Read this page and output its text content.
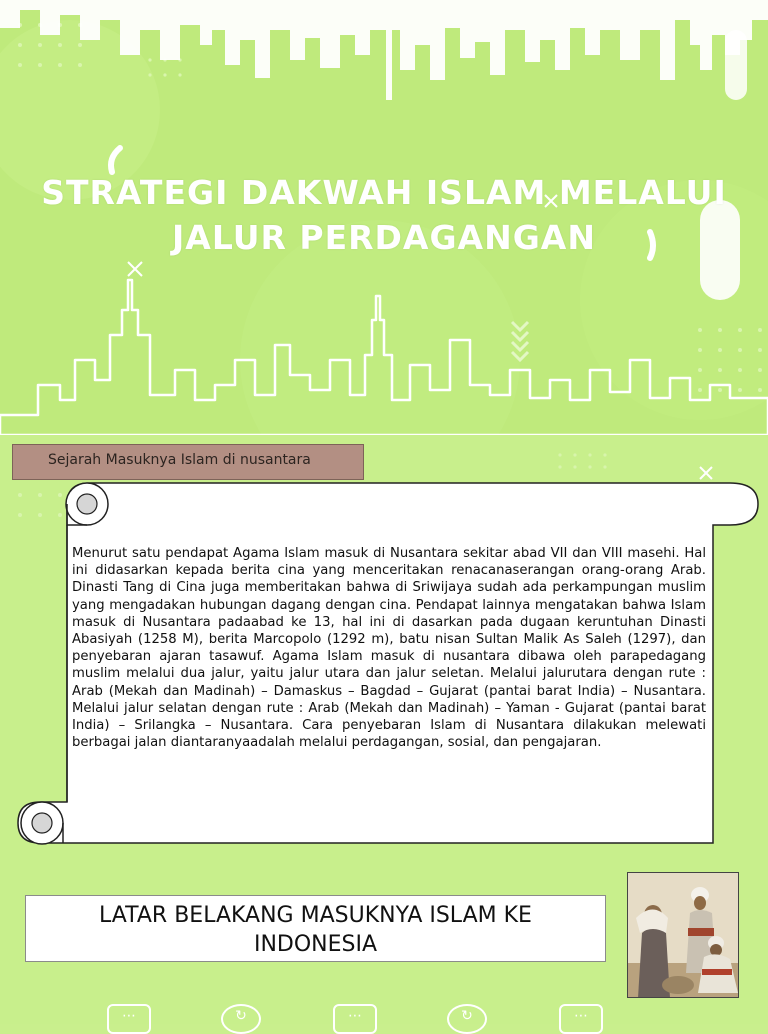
STRATEGI DAKWAH ISLAM MELALUI
JALUR PERDAGANGAN
Sejarah Masuknya Islam di nusantara
Menurut satu pendapat Agama Islam masuk di Nusantara sekitar abad VII dan VIII masehi. Hal ini didasarkan kepada berita cina yang menceritakan renacanaserangan orang-orang Arab. Dinasti Tang di Cina juga memberitakan bahwa di Sriwijaya sudah ada perkampungan muslim yang mengadakan hubungan dagang dengan cina. Pendapat lainnya mengatakan bahwa Islam masuk di Nusantara padaabad ke 13, hal ini di dasarkan pada dugaan keruntuhan Dinasti Abasiyah (1258 M), berita Marcopolo (1292 m), batu nisan Sultan Malik As Saleh (1297), dan penyebaran ajaran tasawuf. Agama Islam masuk di nusantara dibawa oleh parapedagang muslim melalui dua jalur, yaitu jalur utara dan jalur seletan. Melalui jalurutara dengan rute : Arab (Mekah dan Madinah) – Damaskus – Bagdad – Gujarat (pantai barat India) – Nusantara. Melalui jalur selatan dengan rute : Arab (Mekah dan Madinah) – Yaman - Gujarat (pantai barat India) – Srilangka – Nusantara. Cara penyebaran Islam di Nusantara dilakukan melewati berbagai jalan diantaranyaadalah melalui perdagangan, sosial, dan pengajaran.
LATAR BELAKANG MASUKNYA ISLAM KE
INDONESIA
⋯	↻	⋯	↻	⋯
